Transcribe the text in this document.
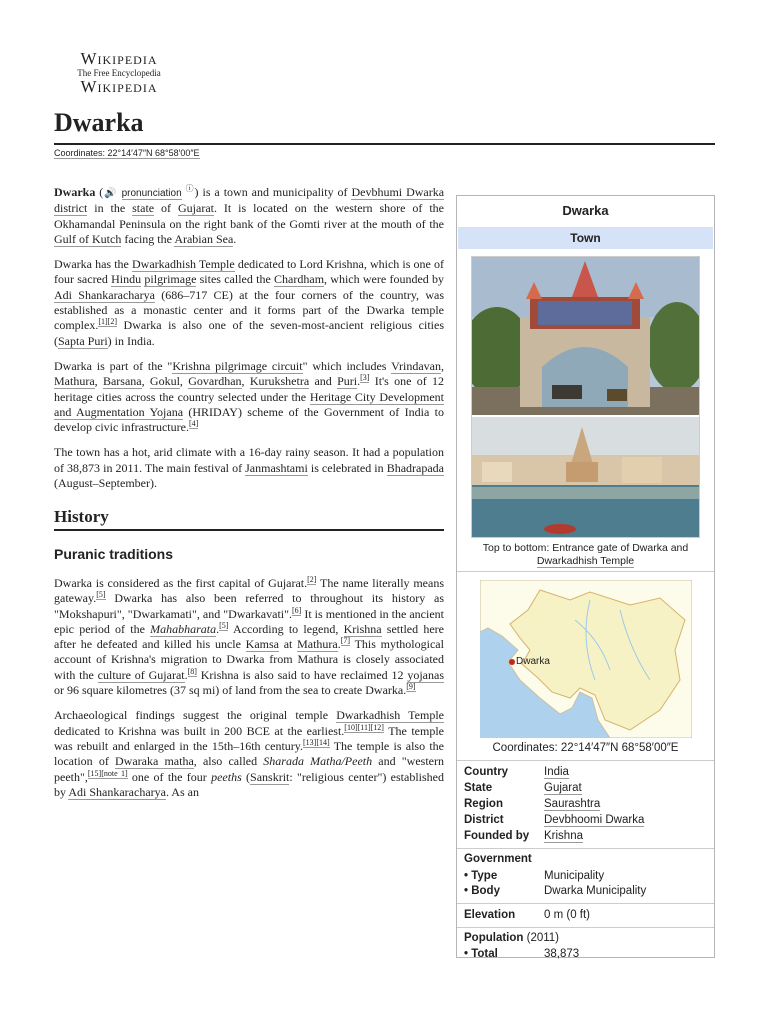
Wikipedia
The Free Encyclopedia
Wikipedia
Dwarka
Coordinates: 22°14′47″N 68°58′00″E

Dwarka (🔊 pronunciation ⓘ) is a town and municipality of Devbhumi Dwarka district in the state of Gujarat. It is located on the western shore of the Okhamandal Peninsula on the right bank of the Gomti river at the mouth of the Gulf of Kutch facing the Arabian Sea.

Dwarka has the Dwarkadhish Temple dedicated to Lord Krishna, which is one of four sacred Hindu pilgrimage sites called the Chardham, which were founded by Adi Shankaracharya (686–717 CE) at the four corners of the country, was established as a monastic center and it forms part of the Dwarka temple complex.[1][2] Dwarka is also one of the seven-most-ancient religious cities (Sapta Puri) in India.

Dwarka is part of the "Krishna pilgrimage circuit" which includes Vrindavan, Mathura, Barsana, Gokul, Govardhan, Kurukshetra and Puri.[3] It's one of 12 heritage cities across the country selected under the Heritage City Development and Augmentation Yojana (HRIDAY) scheme of the Government of India to develop civic infrastructure.[4]

The town has a hot, arid climate with a 16-day rainy season. It had a population of 38,873 in 2011. The main festival of Janmashtami is celebrated in Bhadrapada (August–September).

History
Puranic traditions

Dwarka is considered as the first capital of Gujarat.[2] The name literally means gateway.[5] Dwarka has also been referred to throughout its history as "Mokshapuri", "Dwarkamati", and "Dwarkavati".[6] It is mentioned in the ancient epic period of the Mahabharata.[5] According to legend, Krishna settled here after he defeated and killed his uncle Kamsa at Mathura.[7] This mythological account of Krishna's migration to Dwarka from Mathura is closely associated with the culture of Gujarat.[8] Krishna is also said to have reclaimed 12 yojanas or 96 square kilometres (37 sq mi) of land from the sea to create Dwarka.[9]

Archaeological findings suggest the original temple Dwarkadhish Temple dedicated to Krishna was built in 200 BCE at the earliest.[10][11][12] The temple was rebuilt and enlarged in the 15th–16th century.[13][14] The temple is also the location of Dwaraka matha, also called Sharada Matha/Peeth and "western peeth",[15][note 1] one of the four peeths (Sanskrit: "religious center") established by Adi Shankaracharya. As an

Dwarka
Town
Top to bottom: Entrance gate of Dwarka and
Dwarkadhish Temple
Dwarka
Coordinates: 22°14′47″N 68°58′00″E
Country	India
State	Gujarat
Region	Saurashtra
District	Devbhoomi Dwarka
Founded by	Krishna
Government
• Type	Municipality
• Body	Dwarka Municipality
Elevation	0 m (0 ft)
Population (2011)
• Total	38,873
